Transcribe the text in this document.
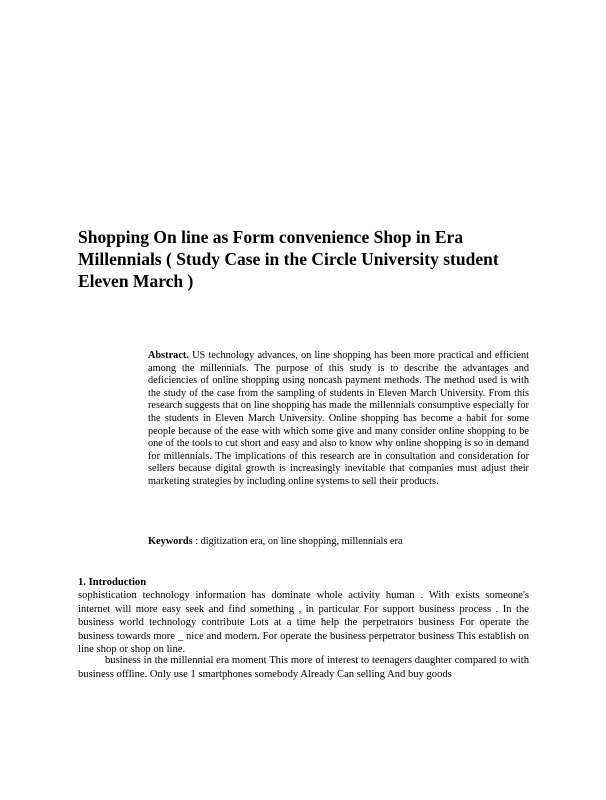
Shopping On line as Form convenience Shop in Era Millennials ( Study Case in the Circle University student Eleven March )

Abstract. US technology advances, on line shopping has been more practical and efficient among the millennials. The purpose of this study is to describe the advantages and deficiencies of online shopping using noncash payment methods. The method used is with the study of the case from the sampling of students in Eleven March University. From this research suggests that on line shopping has made the millennials consumptive especially for the students in Eleven March University. Online shopping has become a habit for some people because of the ease with which some give and many consider online shopping to be one of the tools to cut short and easy and also to know why online shopping is so in demand for millennials. The implications of this research are in consultation and consideration for sellers because digital growth is increasingly inevitable that companies must adjust their marketing strategies by including online systems to sell their products.

Keywords : digitization era, on line shopping, millennials era

1. Introduction

sophistication technology information has dominate whole activity human . With exists someone's internet will more easy seek and find something , in particular For support business process . In the business world technology contribute Lots at a time help the perpetrators business For operate the business towards more _ nice and modern. For operate the business perpetrator business This establish on line shop or shop on line.

business in the millennial era moment This more of interest to teenagers daughter compared to with business offline. Only use 1 smartphones somebody Already Can selling And buy goods
